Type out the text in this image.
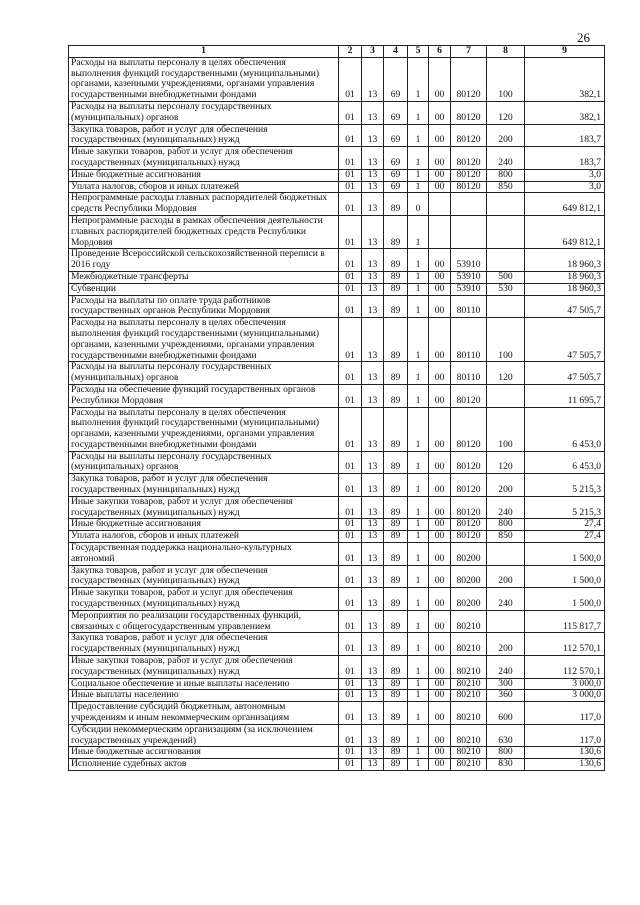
26
1	2	3	4	5	6	7	8	9
Расходы на выплаты персоналу в целях обеспечения выполнения функций государственными (муниципальными) органами, казенными учреждениями, органами управления государственными внебюджетными фондами	01	13	69	1	00	80120	100	382,1
Расходы на выплаты персоналу государственных (муниципальных) органов	01	13	69	1	00	80120	120	382,1
Закупка товаров, работ и услуг для обеспечения государственных (муниципальных) нужд	01	13	69	1	00	80120	200	183,7
Иные закупки товаров, работ и услуг для обеспечения государственных (муниципальных) нужд	01	13	69	1	00	80120	240	183,7
Иные бюджетные ассигнования	01	13	69	1	00	80120	800	3,0
Уплата налогов, сборов и иных платежей	01	13	69	1	00	80120	850	3,0
Непрограммные расходы главных распорядителей бюджетных средств Республики Мордовия	01	13	89	0				649 812,1
Непрограммные расходы в рамках обеспечения деятельности главных распорядителей бюджетных средств Республики Мордовия	01	13	89	1				649 812,1
Проведение Всероссийской сельскохозяйственной переписи в 2016 году	01	13	89	1	00	53910		18 960,3
Межбюджетные трансферты	01	13	89	1	00	53910	500	18 960,3
Субвенции	01	13	89	1	00	53910	530	18 960,3
Расходы на выплаты по оплате труда работников государственных органов Республики Мордовия	01	13	89	1	00	80110		47 505,7
Расходы на выплаты персоналу в целях обеспечения выполнения функций государственными (муниципальными) органами, казенными учреждениями, органами управления государственными внебюджетными фондами	01	13	89	1	00	80110	100	47 505,7
Расходы на выплаты персоналу государственных (муниципальных) органов	01	13	89	1	00	80110	120	47 505,7
Расходы на обеспечение функций государственных органов Республики Мордовия	01	13	89	1	00	80120		11 695,7
Расходы на выплаты персоналу в целях обеспечения выполнения функций государственными (муниципальными) органами, казенными учреждениями, органами управления государственными внебюджетными фондами	01	13	89	1	00	80120	100	6 453,0
Расходы на выплаты персоналу государственных (муниципальных) органов	01	13	89	1	00	80120	120	6 453,0
Закупка товаров, работ и услуг для обеспечения государственных (муниципальных) нужд	01	13	89	1	00	80120	200	5 215,3
Иные закупки товаров, работ и услуг для обеспечения государственных (муниципальных) нужд	01	13	89	1	00	80120	240	5 215,3
Иные бюджетные ассигнования	01	13	89	1	00	80120	800	27,4
Уплата налогов, сборов и иных платежей	01	13	89	1	00	80120	850	27,4
Государственная поддержка национально-культурных автономий	01	13	89	1	00	80200		1 500,0
Закупка товаров, работ и услуг для обеспечения государственных (муниципальных) нужд	01	13	89	1	00	80200	200	1 500,0
Иные закупки товаров, работ и услуг для обеспечения государственных (муниципальных) нужд	01	13	89	1	00	80200	240	1 500,0
Мероприятия по реализации государственных функций, связанных с общегосударственным управлением	01	13	89	1	00	80210		115 817,7
Закупка товаров, работ и услуг для обеспечения государственных (муниципальных) нужд	01	13	89	1	00	80210	200	112 570,1
Иные закупки товаров, работ и услуг для обеспечения государственных (муниципальных) нужд	01	13	89	1	00	80210	240	112 570,1
Социальное обеспечение и иные выплаты населению	01	13	89	1	00	80210	300	3 000,0
Иные выплаты населению	01	13	89	1	00	80210	360	3 000,0
Предоставление субсидий бюджетным, автономным учреждениям и иным некоммерческим организациям	01	13	89	1	00	80210	600	117,0
Субсидии некоммерческим организациям (за исключением государственных учреждений)	01	13	89	1	00	80210	630	117,0
Иные бюджетные ассигнования	01	13	89	1	00	80210	800	130,6
Исполнение судебных актов	01	13	89	1	00	80210	830	130,6
